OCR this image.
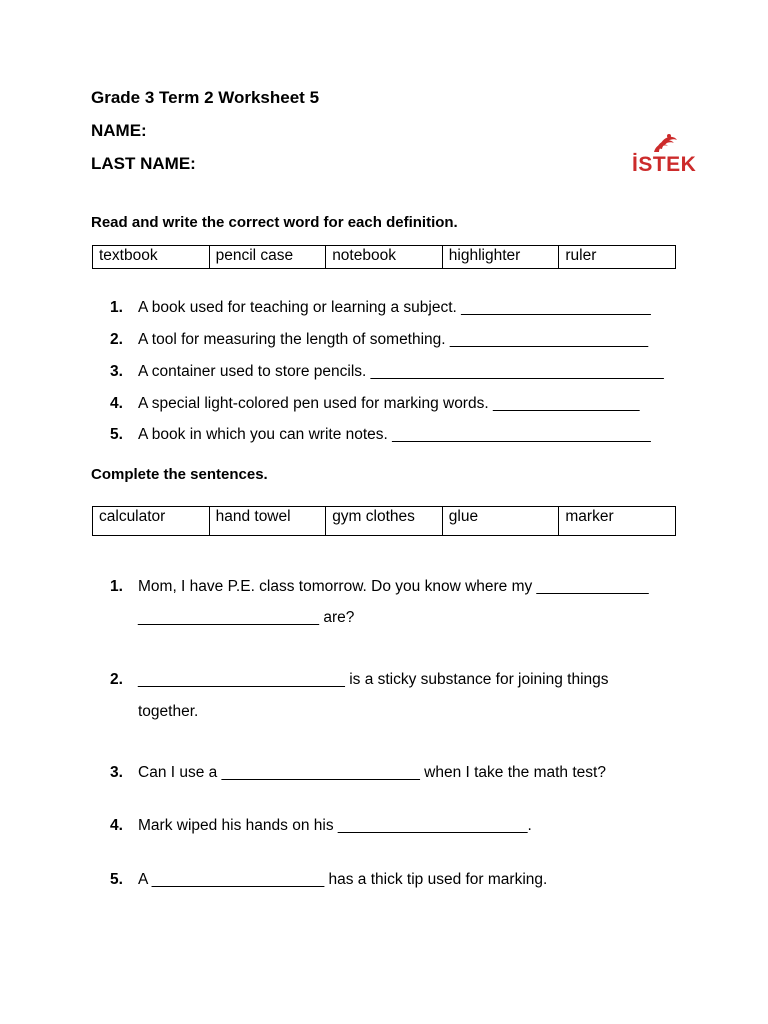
Grade 3 Term 2 Worksheet 5
NAME:
LAST NAME:	İSTEK
Read and write the correct word for each definition.
textbook	pencil case	notebook	highlighter	ruler
1. A book used for teaching or learning a subject. ______________________
2. A tool for measuring the length of something. _______________________
3. A container used to store pencils. __________________________________
4. A special light-colored pen used for marking words. _________________
5. A book in which you can write notes. ______________________________
Complete the sentences.
calculator	hand towel	gym clothes	glue	marker
1. Mom, I have P.E. class tomorrow. Do you know where my _____________
_____________________ are?
2. ________________________ is a sticky substance for joining things
together.
3. Can I use a _______________________ when I take the math test?
4. Mark wiped his hands on his ______________________.
5. A ____________________ has a thick tip used for marking.
